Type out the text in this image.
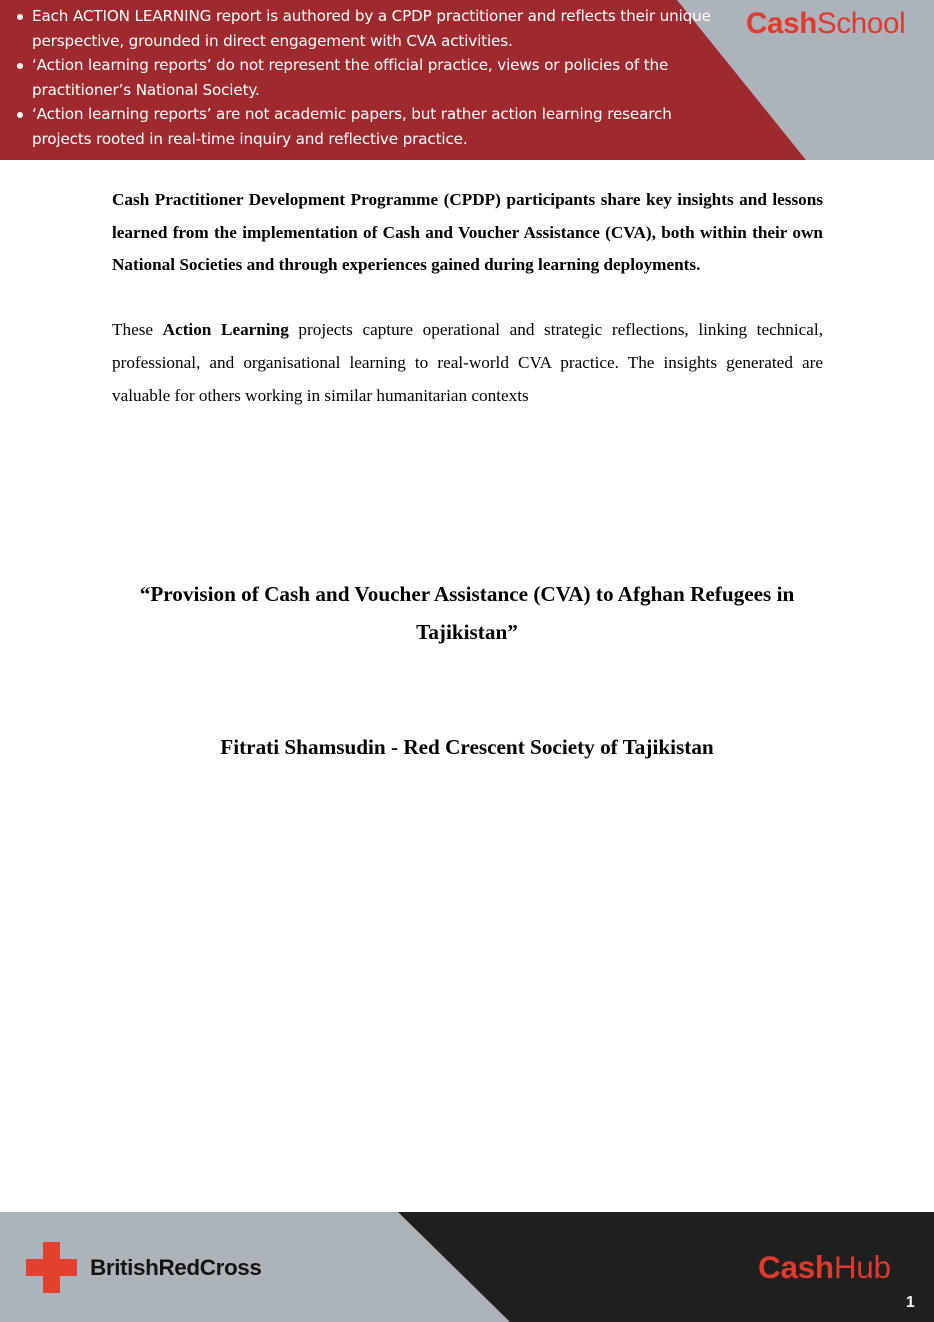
Each ACTION LEARNING report is authored by a CPDP practitioner and reflects their unique perspective, grounded in direct engagement with CVA activities.
‘Action learning reports’ do not represent the official practice, views or policies of the practitioner’s National Society.
‘Action learning reports’ are not academic papers, but rather action learning research projects rooted in real-time inquiry and reflective practice.
CashSchool

Cash Practitioner Development Programme (CPDP) participants share key insights and lessons learned from the implementation of Cash and Voucher Assistance (CVA), both within their own National Societies and through experiences gained during learning deployments.

These Action Learning projects capture operational and strategic reflections, linking technical, professional, and organisational learning to real-world CVA practice. The insights generated are valuable for others working in similar humanitarian contexts

“Provision of Cash and Voucher Assistance (CVA) to Afghan Refugees in Tajikistan”
Fitrati Shamsudin - Red Crescent Society of Tajikistan
BritishRedCross	CashHub
1
